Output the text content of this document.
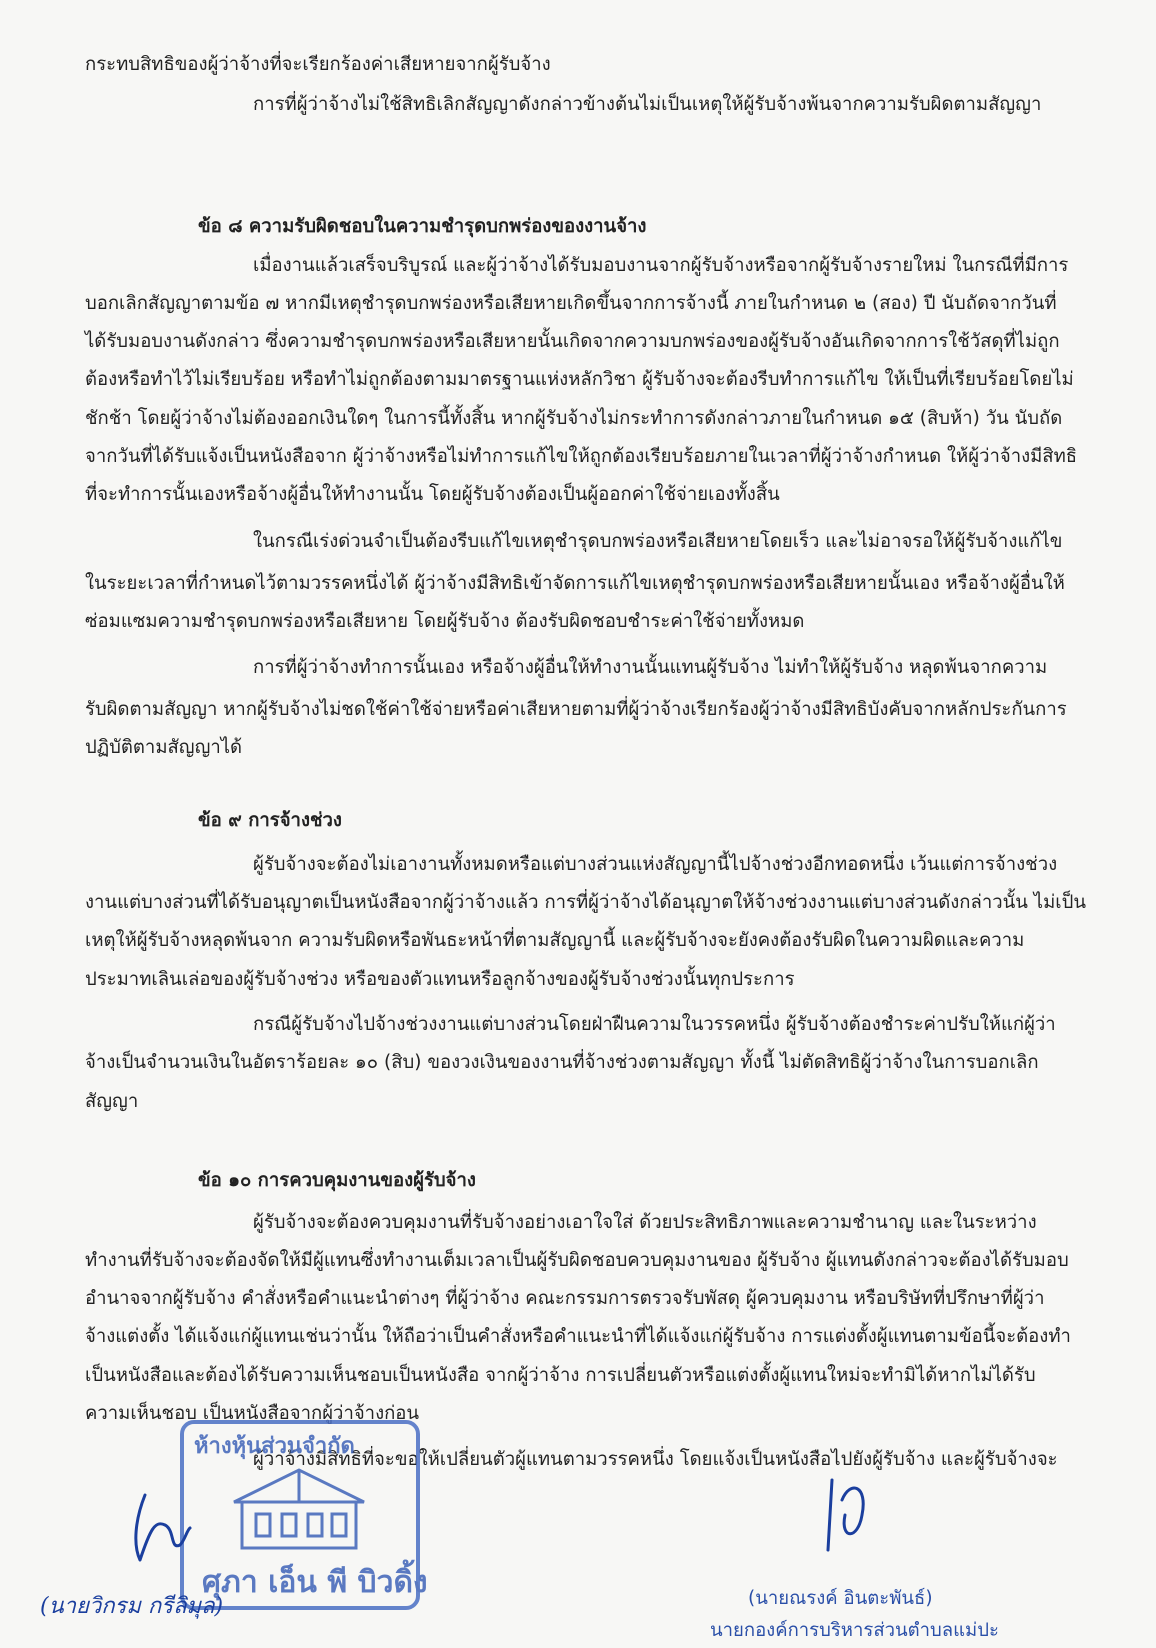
กระทบสิทธิของผู้ว่าจ้างที่จะเรียกร้องค่าเสียหายจากผู้รับจ้าง
การที่ผู้ว่าจ้างไม่ใช้สิทธิเลิกสัญญาดังกล่าวข้างต้นไม่เป็นเหตุให้ผู้รับจ้างพ้นจากความรับผิดตามสัญญา
ข้อ ๘ ความรับผิดชอบในความชำรุดบกพร่องของงานจ้าง
เมื่องานแล้วเสร็จบริบูรณ์ และผู้ว่าจ้างได้รับมอบงานจากผู้รับจ้างหรือจากผู้รับจ้างรายใหม่ ในกรณีที่มีการ
บอกเลิกสัญญาตามข้อ ๗ หากมีเหตุชำรุดบกพร่องหรือเสียหายเกิดขึ้นจากการจ้างนี้ ภายในกำหนด ๒ (สอง) ปี นับถัดจากวันที่
ได้รับมอบงานดังกล่าว ซึ่งความชำรุดบกพร่องหรือเสียหายนั้นเกิดจากความบกพร่องของผู้รับจ้างอันเกิดจากการใช้วัสดุที่ไม่ถูก
ต้องหรือทำไว้ไม่เรียบร้อย หรือทำไม่ถูกต้องตามมาตรฐานแห่งหลักวิชา ผู้รับจ้างจะต้องรีบทำการแก้ไข ให้เป็นที่เรียบร้อยโดยไม่
ชักช้า โดยผู้ว่าจ้างไม่ต้องออกเงินใดๆ ในการนี้ทั้งสิ้น หากผู้รับจ้างไม่กระทำการดังกล่าวภายในกำหนด ๑๕ (สิบห้า) วัน นับถัด
จากวันที่ได้รับแจ้งเป็นหนังสือจาก ผู้ว่าจ้างหรือไม่ทำการแก้ไขให้ถูกต้องเรียบร้อยภายในเวลาที่ผู้ว่าจ้างกำหนด ให้ผู้ว่าจ้างมีสิทธิ
ที่จะทำการนั้นเองหรือจ้างผู้อื่นให้ทำงานนั้น โดยผู้รับจ้างต้องเป็นผู้ออกค่าใช้จ่ายเองทั้งสิ้น
ในกรณีเร่งด่วนจำเป็นต้องรีบแก้ไขเหตุชำรุดบกพร่องหรือเสียหายโดยเร็ว และไม่อาจรอให้ผู้รับจ้างแก้ไข
ในระยะเวลาที่กำหนดไว้ตามวรรคหนึ่งได้ ผู้ว่าจ้างมีสิทธิเข้าจัดการแก้ไขเหตุชำรุดบกพร่องหรือเสียหายนั้นเอง หรือจ้างผู้อื่นให้
ซ่อมแซมความชำรุดบกพร่องหรือเสียหาย โดยผู้รับจ้าง ต้องรับผิดชอบชำระค่าใช้จ่ายทั้งหมด
การที่ผู้ว่าจ้างทำการนั้นเอง หรือจ้างผู้อื่นให้ทำงานนั้นแทนผู้รับจ้าง ไม่ทำให้ผู้รับจ้าง หลุดพ้นจากความ
รับผิดตามสัญญา หากผู้รับจ้างไม่ชดใช้ค่าใช้จ่ายหรือค่าเสียหายตามที่ผู้ว่าจ้างเรียกร้องผู้ว่าจ้างมีสิทธิบังคับจากหลักประกันการ
ปฏิบัติตามสัญญาได้
ข้อ ๙ การจ้างช่วง
ผู้รับจ้างจะต้องไม่เอางานทั้งหมดหรือแต่บางส่วนแห่งสัญญานี้ไปจ้างช่วงอีกทอดหนึ่ง เว้นแต่การจ้างช่วง
งานแต่บางส่วนที่ได้รับอนุญาตเป็นหนังสือจากผู้ว่าจ้างแล้ว การที่ผู้ว่าจ้างได้อนุญาตให้จ้างช่วงงานแต่บางส่วนดังกล่าวนั้น ไม่เป็น
เหตุให้ผู้รับจ้างหลุดพ้นจาก ความรับผิดหรือพันธะหน้าที่ตามสัญญานี้ และผู้รับจ้างจะยังคงต้องรับผิดในความผิดและความ
ประมาทเลินเล่อของผู้รับจ้างช่วง หรือของตัวแทนหรือลูกจ้างของผู้รับจ้างช่วงนั้นทุกประการ
กรณีผู้รับจ้างไปจ้างช่วงงานแต่บางส่วนโดยฝ่าฝืนความในวรรคหนึ่ง ผู้รับจ้างต้องชำระค่าปรับให้แก่ผู้ว่า
จ้างเป็นจำนวนเงินในอัตราร้อยละ ๑๐ (สิบ) ของวงเงินของงานที่จ้างช่วงตามสัญญา ทั้งนี้ ไม่ตัดสิทธิผู้ว่าจ้างในการบอกเลิก
สัญญา
ข้อ ๑๐ การควบคุมงานของผู้รับจ้าง
ผู้รับจ้างจะต้องควบคุมงานที่รับจ้างอย่างเอาใจใส่ ด้วยประสิทธิภาพและความชำนาญ และในระหว่าง
ทำงานที่รับจ้างจะต้องจัดให้มีผู้แทนซึ่งทำงานเต็มเวลาเป็นผู้รับผิดชอบควบคุมงานของ ผู้รับจ้าง ผู้แทนดังกล่าวจะต้องได้รับมอบ
อำนาจจากผู้รับจ้าง คำสั่งหรือคำแนะนำต่างๆ ที่ผู้ว่าจ้าง คณะกรรมการตรวจรับพัสดุ ผู้ควบคุมงาน หรือบริษัทที่ปรึกษาที่ผู้ว่า
จ้างแต่งตั้ง ได้แจ้งแก่ผู้แทนเช่นว่านั้น ให้ถือว่าเป็นคำสั่งหรือคำแนะนำที่ได้แจ้งแก่ผู้รับจ้าง การแต่งตั้งผู้แทนตามข้อนี้จะต้องทำ
เป็นหนังสือและต้องได้รับความเห็นชอบเป็นหนังสือ จากผู้ว่าจ้าง การเปลี่ยนตัวหรือแต่งตั้งผู้แทนใหม่จะทำมิได้หากไม่ได้รับ
ความเห็นชอบ เป็นหนังสือจากผู้ว่าจ้างก่อน
ผู้ว่าจ้างมีสิทธิที่จะขอให้เปลี่ยนตัวผู้แทนตามวรรคหนึ่ง โดยแจ้งเป็นหนังสือไปยังผู้รับจ้าง และผู้รับจ้างจะ
ห้างหุ้นส่วนจำกัด
ศุภา เอ็น พี บิวดิ้ง
(นายวิกรม กรีลิมุล)	(นายณรงค์ อินตะพันธ์)
นายกองค์การบริหารส่วนตำบลแม่ปะ
